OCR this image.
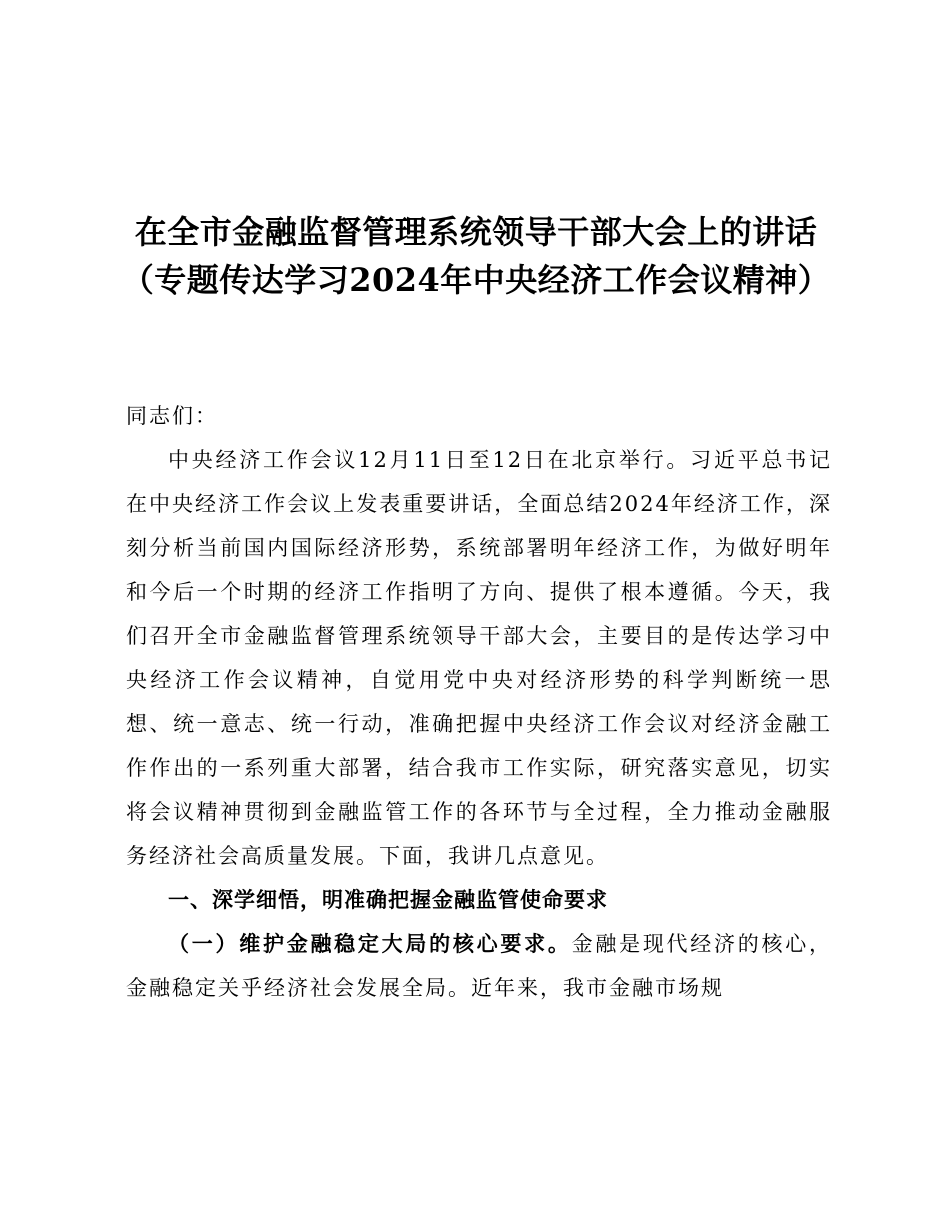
在全市金融监督管理系统领导干部大会上的讲话（专题传达学习2024年中央经济工作会议精神）

同志们：

中央经济工作会议12月11日至12日在北京举行。习近平总书记在中央经济工作会议上发表重要讲话，全面总结2024年经济工作，深刻分析当前国内国际经济形势，系统部署明年经济工作，为做好明年和今后一个时期的经济工作指明了方向、提供了根本遵循。今天，我们召开全市金融监督管理系统领导干部大会，主要目的是传达学习中央经济工作会议精神，自觉用党中央对经济形势的科学判断统一思想、统一意志、统一行动，准确把握中央经济工作会议对经济金融工作作出的一系列重大部署，结合我市工作实际，研究落实意见，切实将会议精神贯彻到金融监管工作的各环节与全过程，全力推动金融服务经济社会高质量发展。下面，我讲几点意见。

一、深学细悟，明准确把握金融监管使命要求

（一）维护金融稳定大局的核心要求。金融是现代经济的核心，金融稳定关乎经济社会发展全局。近年来，我市金融市场规
